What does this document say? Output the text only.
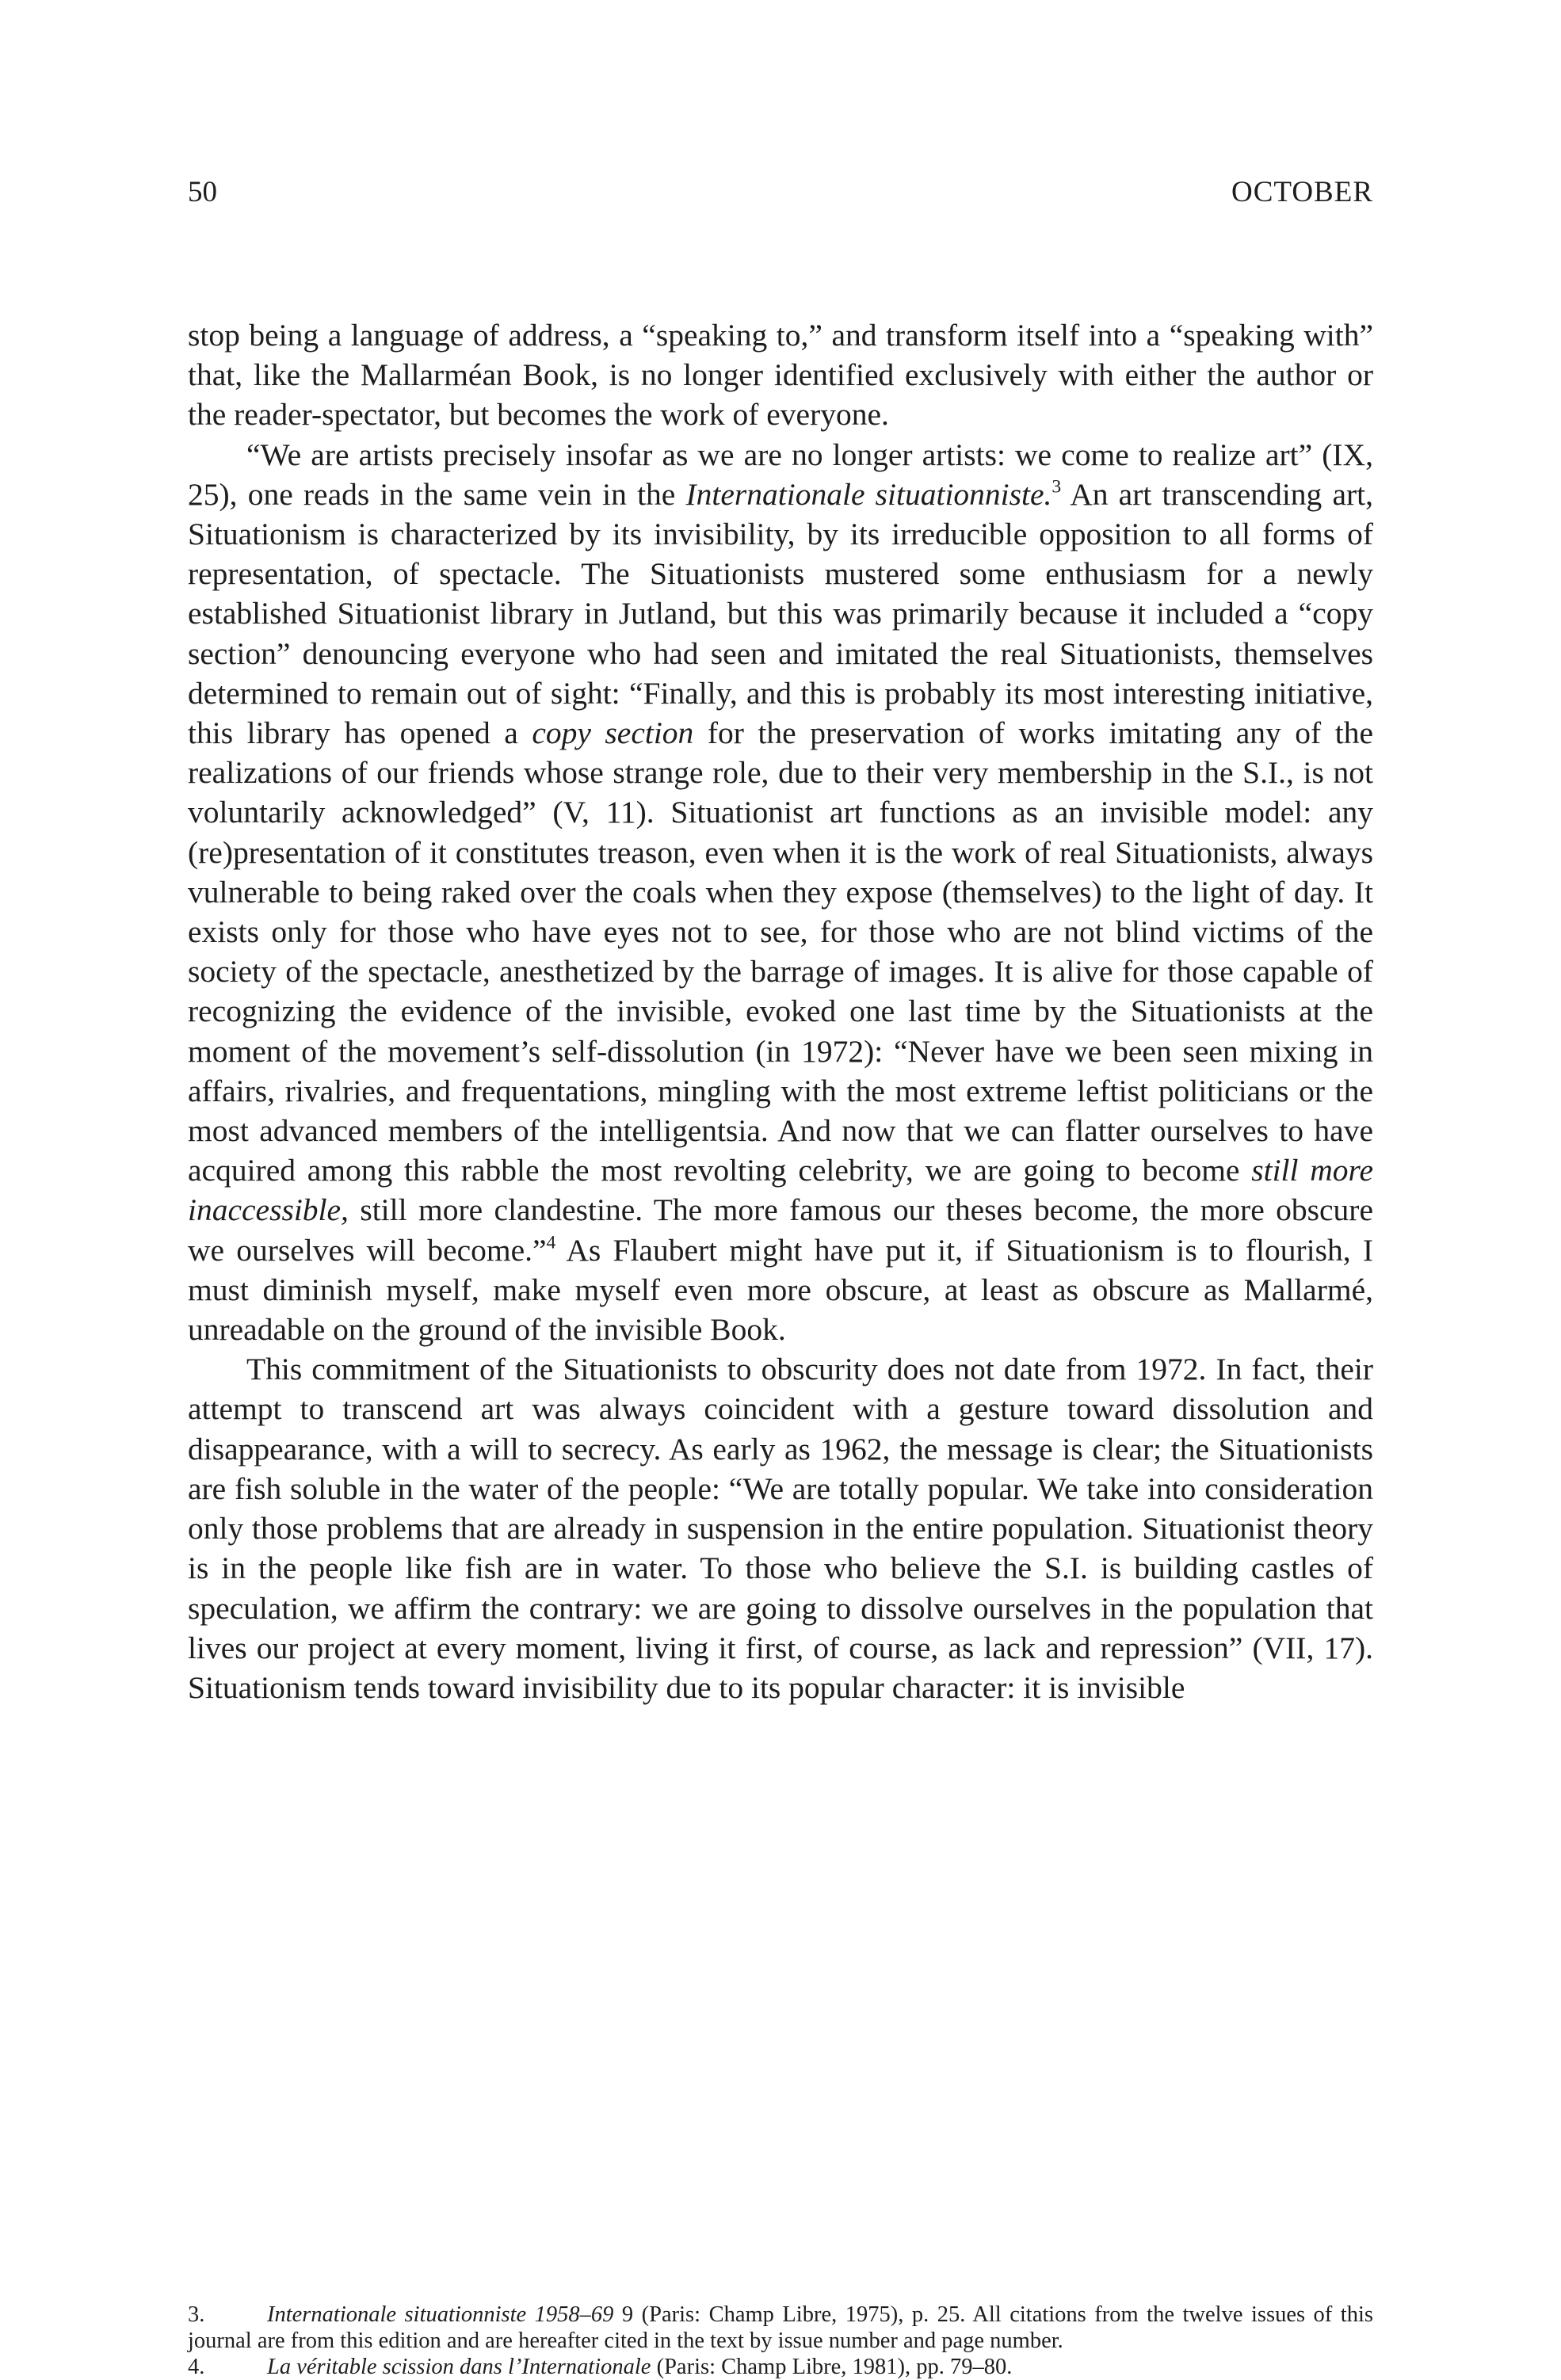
50	OCTOBER

stop being a language of address, a “speaking to,” and transform itself into a “speaking with” that, like the Mallarméan Book, is no longer identified exclusively with either the author or the reader-spectator, but becomes the work of everyone.

“We are artists precisely insofar as we are no longer artists: we come to realize art” (IX, 25), one reads in the same vein in the Internationale situationniste.$^3$ An art transcending art, Situationism is characterized by its invisibility, by its irreducible opposition to all forms of representation, of spectacle. The Situationists mustered some enthusiasm for a newly established Situationist library in Jutland, but this was primarily because it included a “copy section” denouncing everyone who had seen and imitated the real Situationists, themselves determined to remain out of sight: “Finally, and this is probably its most interesting initiative, this library has opened a copy section for the preservation of works imitating any of the realizations of our friends whose strange role, due to their very membership in the S.I., is not voluntarily acknowledged” (V, 11). Situationist art functions as an invisible model: any (re)presentation of it constitutes treason, even when it is the work of real Situationists, always vulnerable to being raked over the coals when they expose (themselves) to the light of day. It exists only for those who have eyes not to see, for those who are not blind victims of the society of the spectacle, anesthetized by the barrage of images. It is alive for those capable of recognizing the evidence of the invisible, evoked one last time by the Situationists at the moment of the movement’s self-dissolution (in 1972): “Never have we been seen mixing in affairs, rivalries, and frequentations, mingling with the most extreme leftist politicians or the most advanced members of the intelligentsia. And now that we can flatter ourselves to have acquired among this rabble the most revolting celebrity, we are going to become still more inaccessible, still more clandestine. The more famous our theses become, the more obscure we ourselves will become.”$^4$ As Flaubert might have put it, if Situationism is to flourish, I must diminish myself, make myself even more obscure, at least as obscure as Mallarmé, unreadable on the ground of the invisible Book.

This commitment of the Situationists to obscurity does not date from 1972. In fact, their attempt to transcend art was always coincident with a gesture toward dissolution and disappearance, with a will to secrecy. As early as 1962, the message is clear; the Situationists are fish soluble in the water of the people: “We are totally popular. We take into consideration only those problems that are already in suspension in the entire population. Situationist theory is in the people like fish are in water. To those who believe the S.I. is building castles of speculation, we affirm the contrary: we are going to dissolve ourselves in the population that lives our project at every moment, living it first, of course, as lack and repression” (VII, 17). Situationism tends toward invisibility due to its popular character: it is invisible

3.	Internationale situationniste 1958–69 9 (Paris: Champ Libre, 1975), p. 25. All citations from the twelve issues of this journal are from this edition and are hereafter cited in the text by issue number and page number.
4.	La véritable scission dans l’Internationale (Paris: Champ Libre, 1981), pp. 79–80.
